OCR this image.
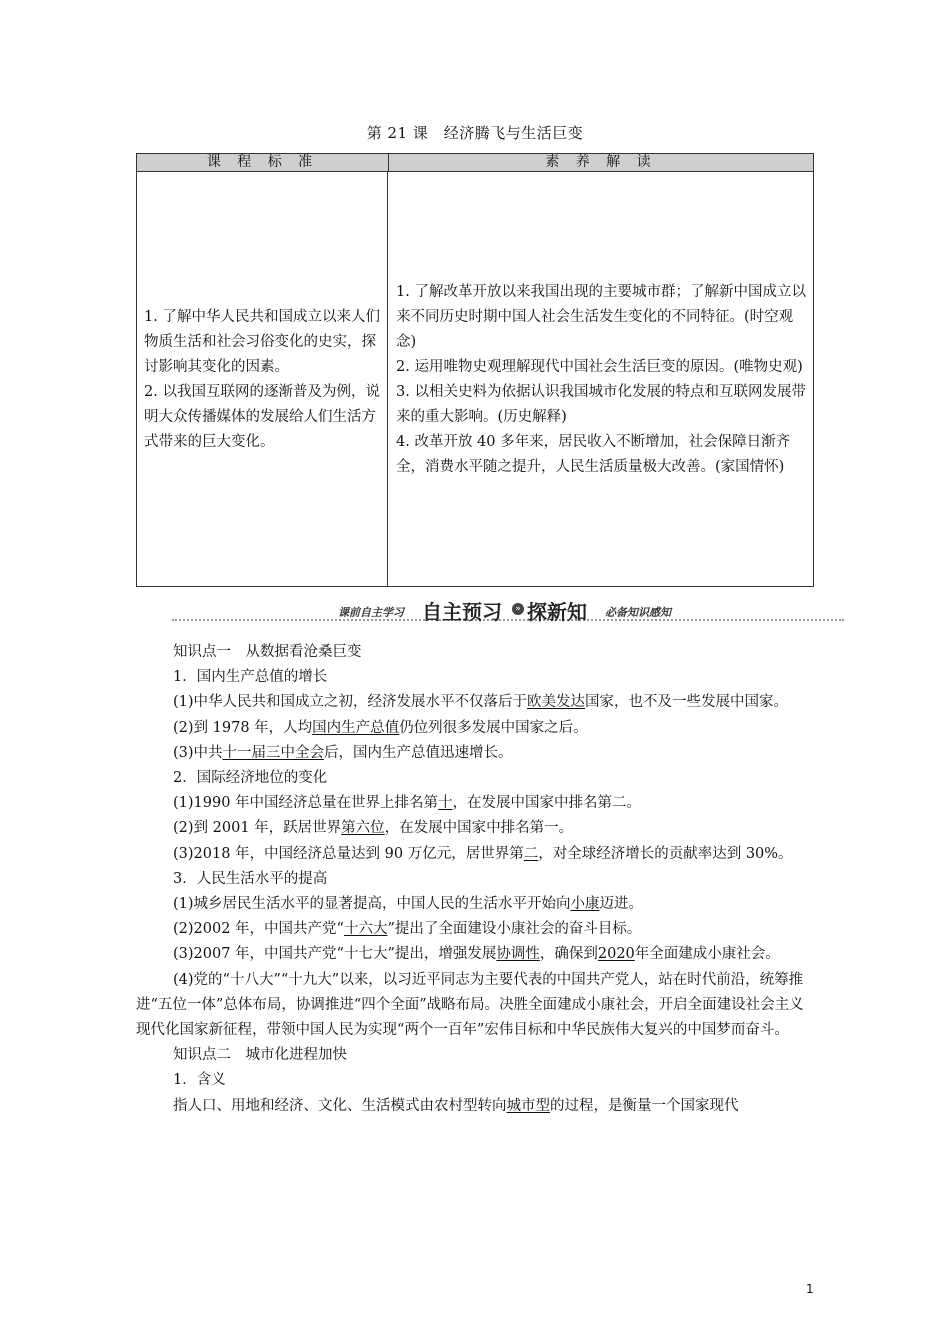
第 21 课　经济腾飞与生活巨变
课 程 标 准	素 养 解 读

1. 了解中华人民共和国成立以来人们物质生活和社会习俗变化的史实，探讨影响其变化的因素。

2. 以我国互联网的逐渐普及为例，说明大众传播媒体的发展给人们生活方式带来的巨大变化。

1. 了解改革开放以来我国出现的主要城市群；了解新中国成立以来不同历史时期中国人社会生活发生变化的不同特征。(时空观念)

2. 运用唯物史观理解现代中国社会生活巨变的原因。(唯物史观)

3. 以相关史料为依据认识我国城市化发展的特点和互联网发展带来的重大影响。(历史解释)

4. 改革开放 40 多年来，居民收入不断增加，社会保障日渐齐全，消费水平随之提升，人民生活质量极大改善。(家国情怀)

课前自主学习 自主预习	» 探新知 必备知识感知

知识点一　从数据看沧桑巨变

1．国内生产总值的增长

(1)中华人民共和国成立之初，经济发展水平不仅落后于欧美发达国家，也不及一些发展中国家。

(2)到 1978 年，人均国内生产总值仍位列很多发展中国家之后。

(3)中共十一届三中全会后，国内生产总值迅速增长。

2．国际经济地位的变化

(1)1990 年中国经济总量在世界上排名第十，在发展中国家中排名第二。

(2)到 2001 年，跃居世界第六位，在发展中国家中排名第一。

(3)2018 年，中国经济总量达到 90 万亿元，居世界第二，对全球经济增长的贡献率达到 30%。

3．人民生活水平的提高

(1)城乡居民生活水平的显著提高，中国人民的生活水平开始向小康迈进。

(2)2002 年，中国共产党“十六大”提出了全面建设小康社会的奋斗目标。

(3)2007 年，中国共产党“十七大”提出，增强发展协调性，确保到2020年全面建成小康社会。

(4)党的“十八大”“十九大”以来，以习近平同志为主要代表的中国共产党人，站在时代前沿，统筹推进“五位一体”总体布局，协调推进“四个全面”战略布局。决胜全面建成小康社会，开启全面建设社会主义现代化国家新征程，带领中国人民为实现“两个一百年”宏伟目标和中华民族伟大复兴的中国梦而奋斗。

知识点二　城市化进程加快

1．含义

指人口、用地和经济、文化、生活模式由农村型转向城市型的过程，是衡量一个国家现代

1
